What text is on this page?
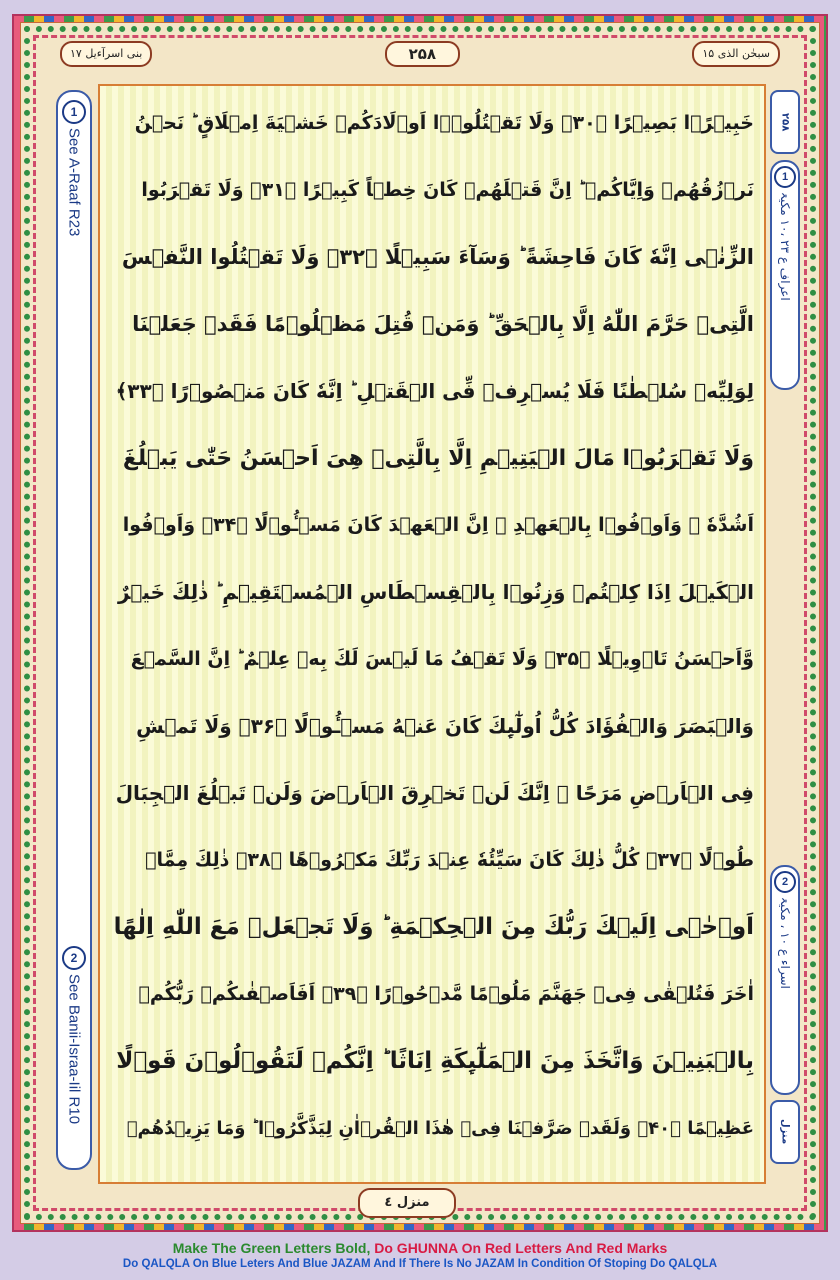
بنی اسرآءیل ۱۷	۲۵۸	سبحٰن الذی ۱۵
1
See A-Raaf R23
2
See Banii-Israa-Iil R10
۲۵۸
1
اعراف ع ۲۳ ،۱۰ مکیۃ
2
اسراء ع ۱۰ ، مکیۃ
منزل
خَبِیۡرًۢا بَصِیۡرًا ﴿۳۰﴾ وَلَا تَقۡتُلُوۡۤا اَوۡلَادَكُمۡ خَشۡیَةَ اِمۡلَاقٍ ؕ نَحۡنُ
نَرۡزُقُهُمۡ وَاِیَّاكُمۡ ؕ اِنَّ قَتۡلَهُمۡ كَانَ خِطۡاً كَبِیۡرًا ﴿۳۱﴾ وَلَا تَقۡرَبُوا
الزِّنٰۤی اِنَّهٗ كَانَ فَاحِشَةً ؕ وَسَآءَ سَبِیۡلًا ﴿۳۲﴾ وَلَا تَقۡتُلُوا النَّفۡسَ
الَّتِیۡ حَرَّمَ اللّٰهُ اِلَّا بِالۡحَقِّ ؕ وَمَنۡ قُتِلَ مَظۡلُوۡمًا فَقَدۡ جَعَلۡنَا
لِوَلِیِّهٖ سُلۡطٰنًا فَلَا یُسۡرِفۡ فِّی الۡقَتۡلِ ؕ اِنَّهٗ كَانَ مَنۡصُوۡرًا ﴿۳۳﴾
وَلَا تَقۡرَبُوۡا مَالَ الۡیَتِیۡمِ اِلَّا بِالَّتِیۡ هِیَ اَحۡسَنُ حَتّٰی یَبۡلُغَ
اَشُدَّهٗ ۪ وَاَوۡفُوۡا بِالۡعَهۡدِ ۚ اِنَّ الۡعَهۡدَ كَانَ مَسۡـُٔوۡلًا ﴿۳۴﴾ وَاَوۡفُوا
الۡكَیۡلَ اِذَا كِلۡتُمۡ وَزِنُوۡا بِالۡقِسۡطَاسِ الۡمُسۡتَقِیۡمِ ؕ ذٰلِكَ خَیۡرٌ
وَّاَحۡسَنُ تَاۡوِیۡلًا ﴿۳۵﴾ وَلَا تَقۡفُ مَا لَیۡسَ لَكَ بِهٖ عِلۡمٌ ؕ اِنَّ السَّمۡعَ
وَالۡبَصَرَ وَالۡفُؤَادَ كُلُّ اُولٰٓىِٕكَ كَانَ عَنۡهُ مَسۡـُٔوۡلًا ﴿۳۶﴾ وَلَا تَمۡشِ
فِی الۡاَرۡضِ مَرَحًا ۚ اِنَّكَ لَنۡ تَخۡرِقَ الۡاَرۡضَ وَلَنۡ تَبۡلُغَ الۡجِبَالَ
طُوۡلًا ﴿۳۷﴾ كُلُّ ذٰلِكَ كَانَ سَیِّئُهٗ عِنۡدَ رَبِّكَ مَكۡرُوۡهًا ﴿۳۸﴾ ذٰلِكَ مِمَّاۤ
اَوۡحٰۤی اِلَیۡكَ رَبُّكَ مِنَ الۡحِكۡمَةِ ؕ وَلَا تَجۡعَلۡ مَعَ اللّٰهِ اِلٰهًا
اٰخَرَ فَتُلۡقٰی فِیۡ جَهَنَّمَ مَلُوۡمًا مَّدۡحُوۡرًا ﴿۳۹﴾ اَفَاَصۡفٰىكُمۡ رَبُّكُمۡ
بِالۡبَنِیۡنَ وَاتَّخَذَ مِنَ الۡمَلٰٓىِٕكَةِ اِنَاثًا ؕ اِنَّكُمۡ لَتَقُوۡلُوۡنَ قَوۡلًا
عَظِیۡمًا ﴿۴۰﴾ وَلَقَدۡ صَرَّفۡنَا فِیۡ هٰذَا الۡقُرۡاٰنِ لِیَذَّكَّرُوۡا ؕ وَمَا یَزِیۡدُهُمۡ
منزل ٤
Make The Green Letters Bold, Do GHUNNA On Red Letters And Red Marks
Do QALQLA On Blue Leters And Blue JAZAM And If There Is No JAZAM In Condition Of Stoping Do QALQLA
